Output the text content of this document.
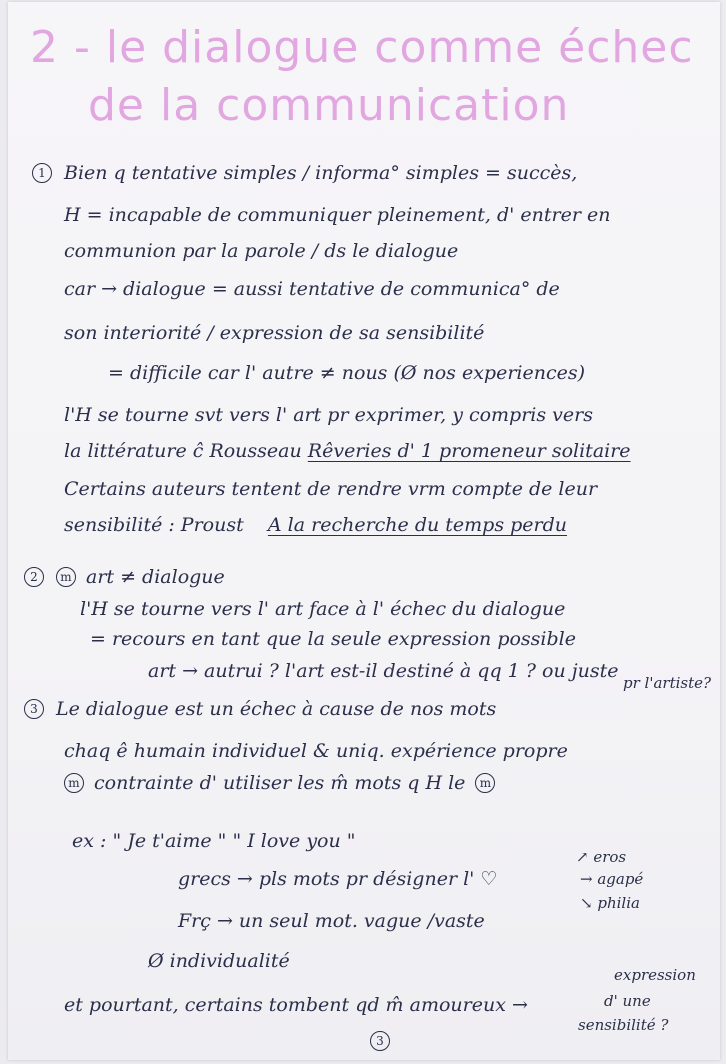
2 - le dialogue comme échec
de la communication
1 Bien q tentative simples / informa° simples = succès,
H = incapable de communiquer pleinement, d' entrer en
communion par la parole / ds le dialogue
car → dialogue = aussi tentative de communica° de
son interiorité / expression de sa sensibilité
= difficile car l' autre ≠ nous (Ø nos experiences)
l'H se tourne svt vers l' art pr exprimer, y compris vers
la littérature ĉ Rousseau Rêveries d' 1 promeneur solitaire
Certains auteurs tentent de rendre vrm compte de leur
sensibilité : Proust A la recherche du temps perdu
2 m art ≠ dialogue
l'H se tourne vers l' art face à l' échec du dialogue
= recours en tant que la seule expression possible
art → autrui ? l'art est-il destiné à qq 1 ? ou juste
pr l'artiste?
3 Le dialogue est un échec à cause de nos mots
chaq ê humain individuel & uniq. expérience propre
m contrainte d' utiliser les m̂ mots q H le m
ex : " Je t'aime " " I love you "
grecs → pls mots pr désigner l' ♡
↗ eros
→ agapé
↘ philia
Frç → un seul mot. vague /vaste
Ø individualité
et pourtant, certains tombent qd m̂ amoureux →
expression
d' une
sensibilité ?
3
